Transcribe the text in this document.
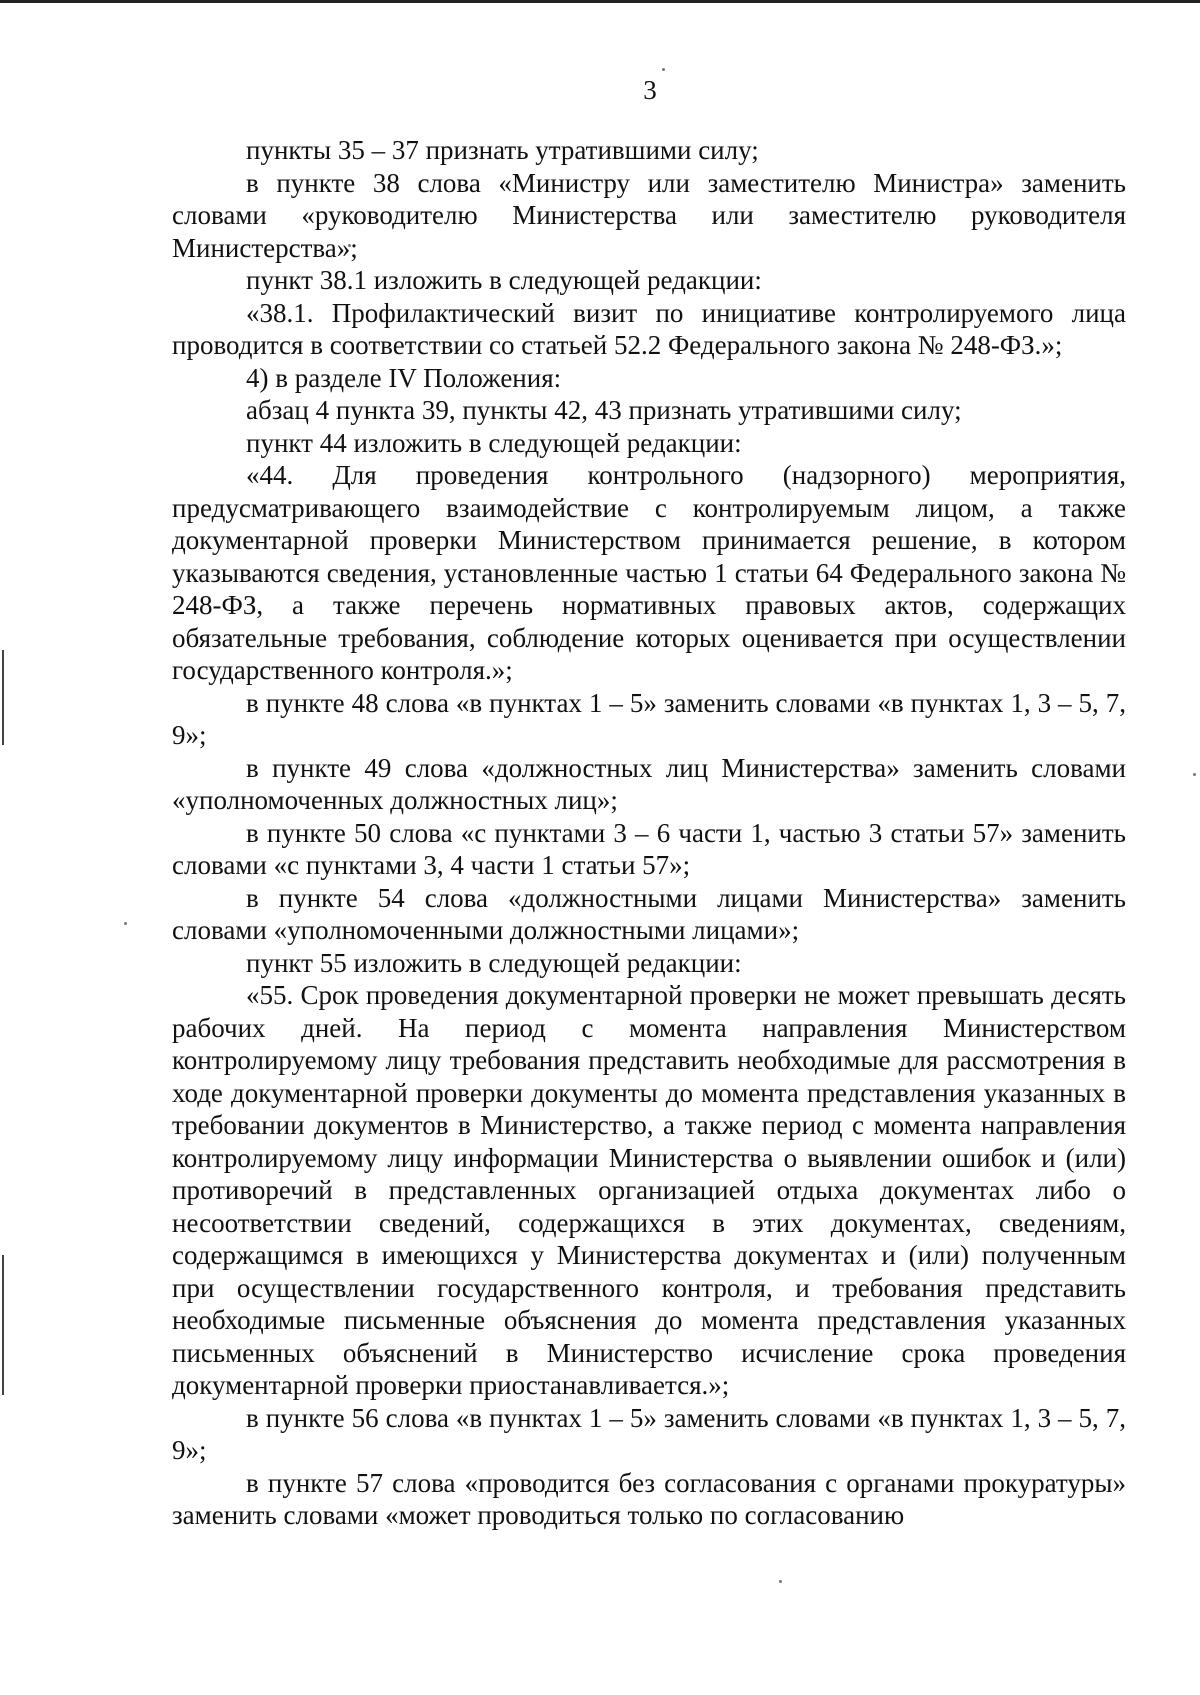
3

пункты 35 – 37 признать утратившими силу;

в пункте 38 слова «Министру или заместителю Министра» заменить словами «руководителю Министерства или заместителю руководителя Министерства»;

пункт 38.1 изложить в следующей редакции:

«38.1. Профилактический визит по инициативе контролируемого лица проводится в соответствии со статьей 52.2 Федерального закона № 248-ФЗ.»;

4) в разделе IV Положения:

абзац 4 пункта 39, пункты 42, 43 признать утратившими силу;

пункт 44 изложить в следующей редакции:

«44. Для проведения контрольного (надзорного) мероприятия, предусматривающего взаимодействие с контролируемым лицом, а также документарной проверки Министерством принимается решение, в котором указываются сведения, установленные частью 1 статьи 64 Федерального закона № 248-ФЗ, а также перечень нормативных правовых актов, содержащих обязательные требования, соблюдение которых оценивается при осуществлении государственного контроля.»;

в пункте 48 слова «в пунктах 1 – 5» заменить словами «в пунктах 1, 3 – 5, 7, 9»;

в пункте 49 слова «должностных лиц Министерства» заменить словами «уполномоченных должностных лиц»;

в пункте 50 слова «с пунктами 3 – 6 части 1, частью 3 статьи 57» заменить словами «с пунктами 3, 4 части 1 статьи 57»;

в пункте 54 слова «должностными лицами Министерства» заменить словами «уполномоченными должностными лицами»;

пункт 55 изложить в следующей редакции:

«55. Срок проведения документарной проверки не может превышать десять рабочих дней. На период с момента направления Министерством контролируемому лицу требования представить необходимые для рассмотрения в ходе документарной проверки документы до момента представления указанных в требовании документов в Министерство, а также период с момента направления контролируемому лицу информации Министерства о выявлении ошибок и (или) противоречий в представленных организацией отдыха документах либо о несоответствии сведений, содержащихся в этих документах, сведениям, содержащимся в имеющихся у Министерства документах и (или) полученным при осуществлении государственного контроля, и требования представить необходимые письменные объяснения до момента представления указанных письменных объяснений в Министерство исчисление срока проведения документарной проверки приостанавливается.»;

в пункте 56 слова «в пунктах 1 – 5» заменить словами «в пунктах 1, 3 – 5, 7, 9»;

в пункте 57 слова «проводится без согласования с органами прокуратуры» заменить словами «может проводиться только по согласованию
